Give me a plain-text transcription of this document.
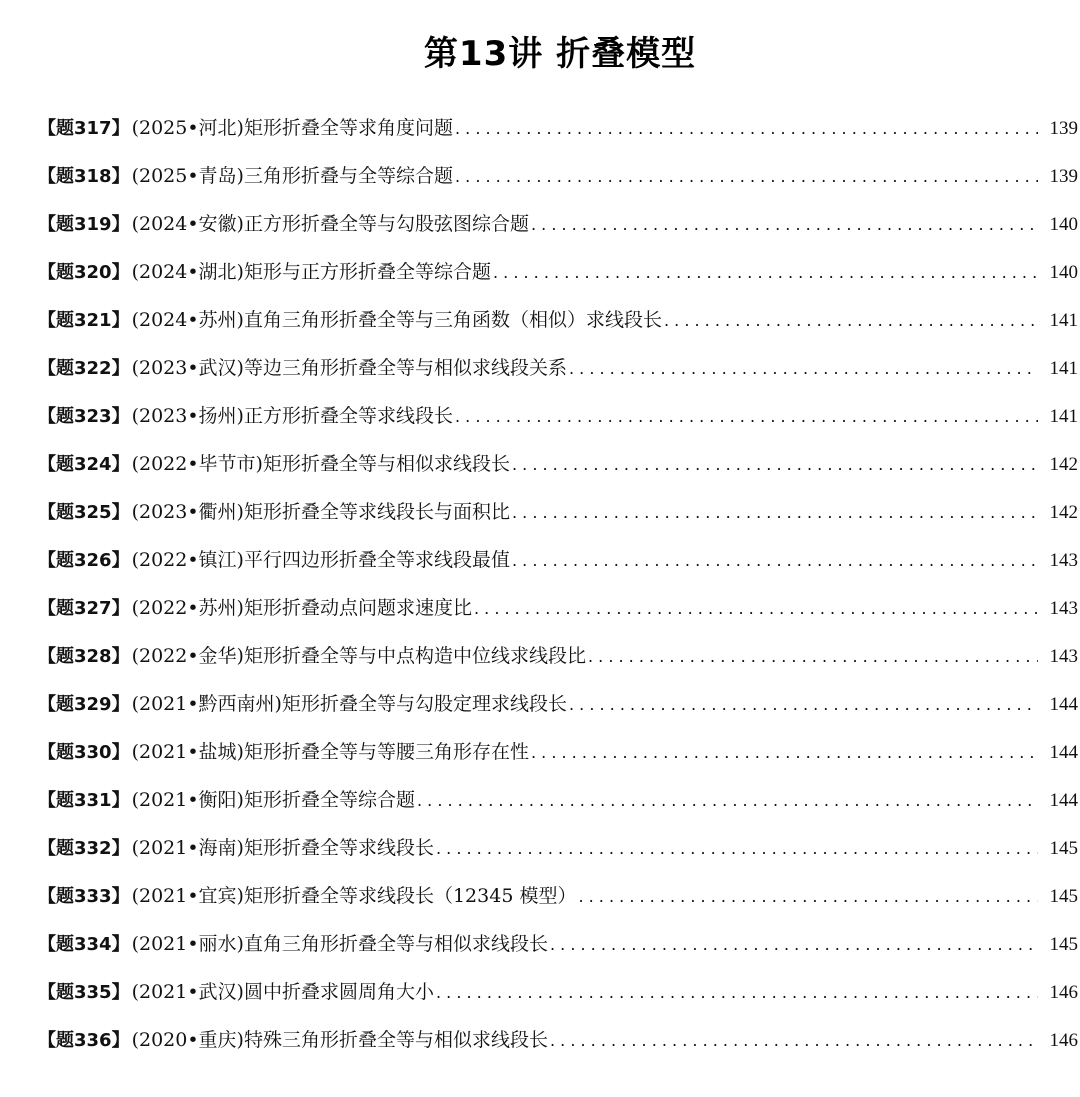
第13讲 折叠模型
【题317】 (2025•河北) 矩形折叠全等求角度问题 . . .	139
【题318】 (2025•青岛) 三角形折叠与全等综合题 . . .	139
【题319】 (2024•安徽) 正方形折叠全等与勾股弦图综合题 . . .	140
【题320】 (2024•湖北) 矩形与正方形折叠全等综合题 . . .	140
【题321】 (2024•苏州) 直角三角形折叠全等与三角函数（相似）求线段长 . . .	141
【题322】 (2023•武汉) 等边三角形折叠全等与相似求线段关系 . . .	141
【题323】 (2023•扬州) 正方形折叠全等求线段长 . . .	141
【题324】 (2022•毕节市) 矩形折叠全等与相似求线段长 . . .	142
【题325】 (2023•衢州) 矩形折叠全等求线段长与面积比 . . .	142
【题326】 (2022•镇江) 平行四边形折叠全等求线段最值 . . .	143
【题327】 (2022•苏州) 矩形折叠动点问题求速度比 . . .	143
【题328】 (2022•金华) 矩形折叠全等与中点构造中位线求线段比 . . .	143
【题329】 (2021•黔西南州) 矩形折叠全等与勾股定理求线段长 . . .	144
【题330】 (2021•盐城) 矩形折叠全等与等腰三角形存在性 . . .	144
【题331】 (2021•衡阳) 矩形折叠全等综合题 . . .	144
【题332】 (2021•海南) 矩形折叠全等求线段长 . . .	145
【题333】 (2021•宜宾) 矩形折叠全等求线段长（12345 模型） . . .	145
【题334】 (2021•丽水) 直角三角形折叠全等与相似求线段长 . . .	145
【题335】 (2021•武汉) 圆中折叠求圆周角大小 . . .	146
【题336】 (2020•重庆) 特殊三角形折叠全等与相似求线段长 . . .	146
